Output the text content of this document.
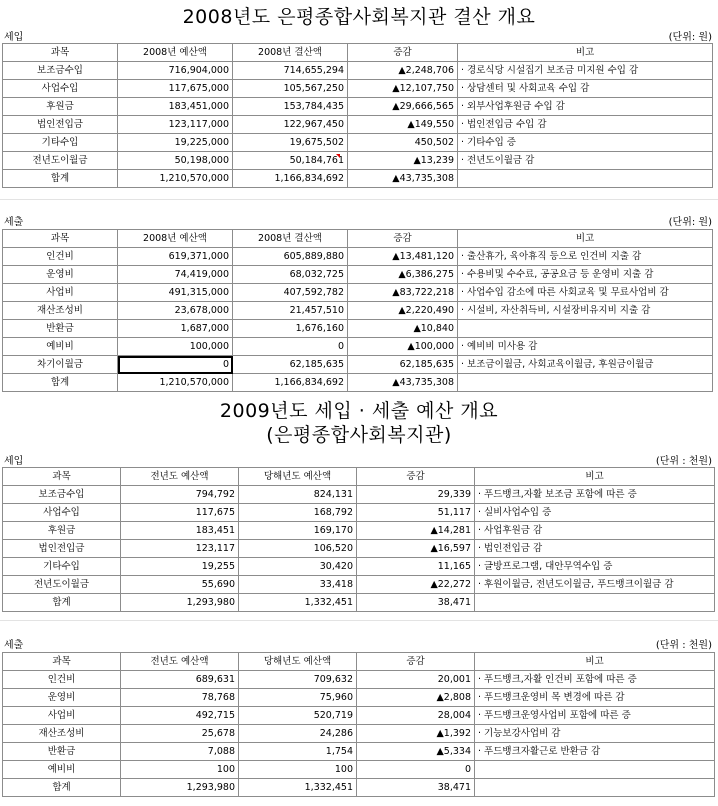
2008년도 은평종합사회복지관 결산 개요
세입	(단위: 원)
과목	2008년 예산액	2008년 결산액	증감	비고
보조금수입	716,904,000	714,655,294	▲2,248,706	· 경로식당 시설집기 보조금 미지원 수입 감
사업수입	117,675,000	105,567,250	▲12,107,750	· 상담센터 및 사회교육 수입 감
후원금	183,451,000	153,784,435	▲29,666,565	· 외부사업후원금 수입 감
법인전입금	123,117,000	122,967,450	▲149,550	· 법인전입금 수입 감
기타수입	19,225,000	19,675,502	450,502	· 기타수입 증
전년도이월금	50,198,000	50,184,761	▲13,239	· 전년도이월금 감
합계	1,210,570,000	1,166,834,692	▲43,735,308	
세출	(단위: 원)
과목	2008년 예산액	2008년 결산액	증감	비고
인건비	619,371,000	605,889,880	▲13,481,120	· 출산휴가, 육아휴직 등으로 인건비 지출 감
운영비	74,419,000	68,032,725	▲6,386,275	· 수용비및 수수료, 공공요금 등 운영비 지출 감
사업비	491,315,000	407,592,782	▲83,722,218	· 사업수입 감소에 따른 사회교육 및 무료사업비 감
재산조성비	23,678,000	21,457,510	▲2,220,490	· 시설비, 자산취득비, 시설장비유지비 지출 감
반환금	1,687,000	1,676,160	▲10,840	
예비비	100,000	0	▲100,000	· 예비비 미사용 감
차기이월금	0	62,185,635	62,185,635	· 보조금이월금, 사회교육이월금, 후원금이월금
합계	1,210,570,000	1,166,834,692	▲43,735,308	
2009년도 세입 · 세출 예산 개요
(은평종합사회복지관)
세입	(단위 : 천원)
과목	전년도 예산액	당해년도 예산액	증감	비고
보조금수입	794,792	824,131	29,339	· 푸드뱅크,자활 보조금 포함에 따른 증
사업수입	117,675	168,792	51,117	· 실비사업수입 증
후원금	183,451	169,170	▲14,281	· 사업후원금 감
법인전입금	123,117	106,520	▲16,597	· 법인전입금 감
기타수입	19,255	30,420	11,165	· 글방프로그램, 대안무역수입 증
전년도이월금	55,690	33,418	▲22,272	· 후원이월금, 전년도이월금, 푸드뱅크이월금 감
합계	1,293,980	1,332,451	38,471	
세출	(단위 : 천원)
과목	전년도 예산액	당해년도 예산액	증감	비고
인건비	689,631	709,632	20,001	· 푸드뱅크,자활 인건비 포함에 따른 증
운영비	78,768	75,960	▲2,808	· 푸드뱅크운영비 목 변경에 따른 감
사업비	492,715	520,719	28,004	· 푸드뱅크운영사업비 포함에 따른 증
재산조성비	25,678	24,286	▲1,392	· 기능보강사업비 감
반환금	7,088	1,754	▲5,334	· 푸드뱅크자활근로 반환금 감
예비비	100	100	0	
합계	1,293,980	1,332,451	38,471	
